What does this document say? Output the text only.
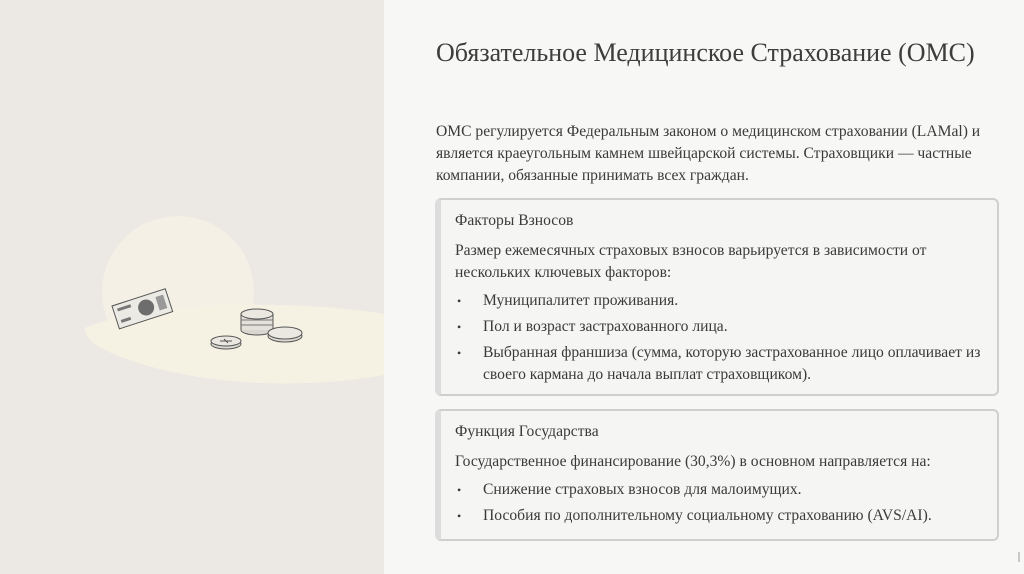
Обязательное Медицинское Страхование (ОМС)

ОМС регулируется Федеральным законом о медицинском страховании (LAMal) и является краеугольным камнем швейцарской системы. Страховщики — частные компании, обязанные принимать всех граждан.

Факторы Взносов

Размер ежемесячных страховых взносов варьируется в зависимости от нескольких ключевых факторов:

• Муниципалитет проживания.
• Пол и возраст застрахованного лица.
• Выбранная франшиза (сумма, которую застрахованное лицо оплачивает из своего кармана до начала выплат страховщиком).

Функция Государства

Государственное финансирование (30,3%) в основном направляется на:

• Снижение страховых взносов для малоимущих.
• Пособия по дополнительному социальному страхованию (AVS/AI).
